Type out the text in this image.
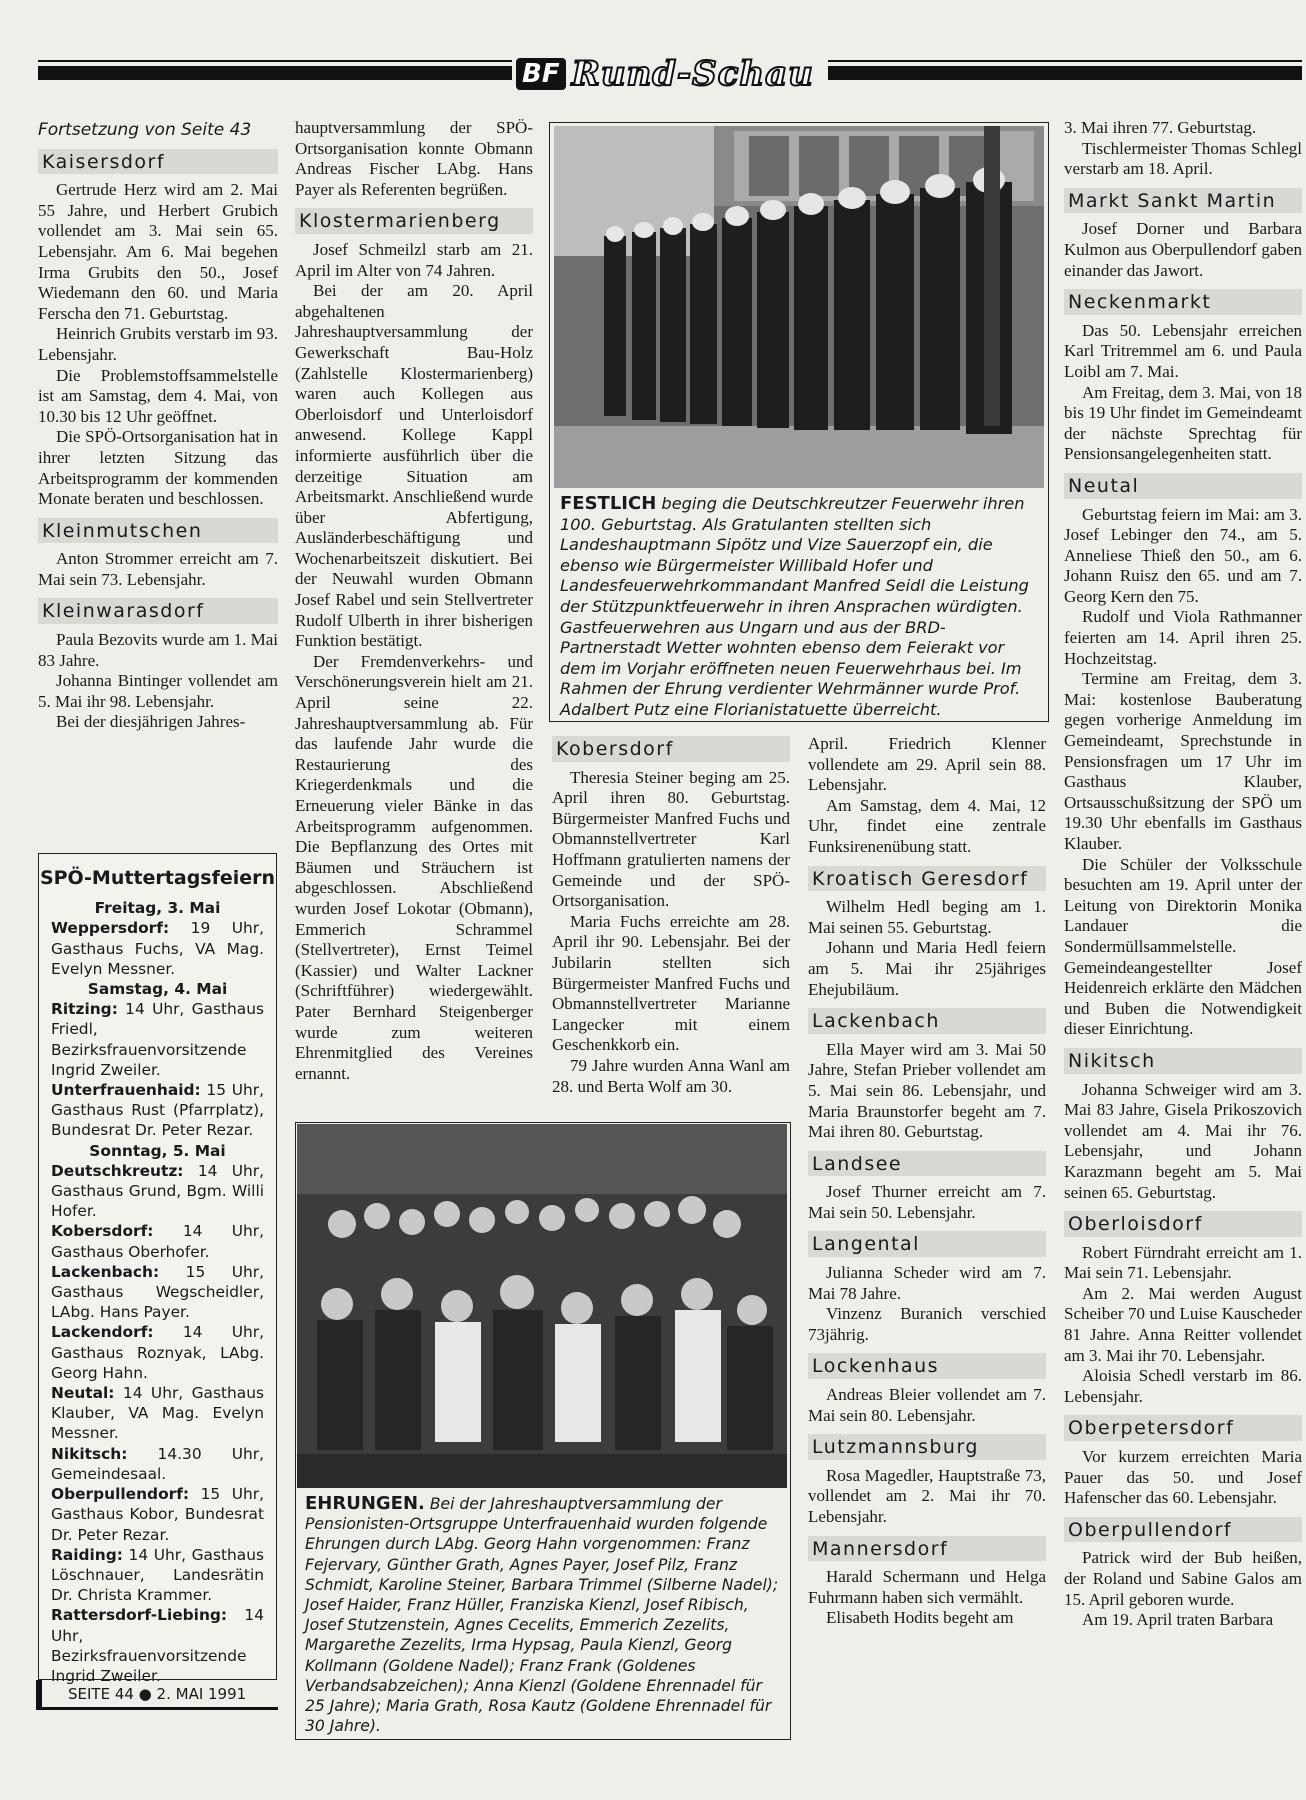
BF Rund-Schau
Fortsetzung von Seite 43
Kaisersdorf

Gertrude Herz wird am 2. Mai 55 Jahre, und Herbert Grubich vollendet am 3. Mai sein 65. Lebensjahr. Am 6. Mai begehen Irma Grubits den 50., Josef Wiedemann den 60. und Maria Ferscha den 71. Geburtstag.

Heinrich Grubits verstarb im 93. Lebensjahr.

Die Problemstoffsammelstelle ist am Samstag, dem 4. Mai, von 10.30 bis 12 Uhr geöffnet.

Die SPÖ-Ortsorganisation hat in ihrer letzten Sitzung das Arbeitsprogramm der kommenden Monate beraten und beschlossen.

Kleinmutschen

Anton Strommer erreicht am 7. Mai sein 73. Lebensjahr.

Kleinwarasdorf

Paula Bezovits wurde am 1. Mai 83 Jahre.

Johanna Bintinger vollendet am 5. Mai ihr 98. Lebensjahr.

Bei der diesjährigen Jahres-

SPÖ-Muttertagsfeiern
Freitag, 3. Mai
Weppersdorf: 19 Uhr, Gasthaus Fuchs, VA Mag. Evelyn Messner.
Samstag, 4. Mai
Ritzing: 14 Uhr, Gasthaus Friedl, Bezirksfrauenvorsitzende Ingrid Zweiler.
Unterfrauenhaid: 15 Uhr, Gasthaus Rust (Pfarrplatz), Bundesrat Dr. Peter Rezar.
Sonntag, 5. Mai
Deutschkreutz: 14 Uhr, Gasthaus Grund, Bgm. Willi Hofer.
Kobersdorf: 14 Uhr, Gasthaus Oberhofer.
Lackenbach: 15 Uhr, Gasthaus Wegscheidler, LAbg. Hans Payer.
Lackendorf: 14 Uhr, Gasthaus Roznyak, LAbg. Georg Hahn.
Neutal: 14 Uhr, Gasthaus Klauber, VA Mag. Evelyn Messner.
Nikitsch: 14.30 Uhr, Gemeindesaal.
Oberpullendorf: 15 Uhr, Gasthaus Kobor, Bundesrat Dr. Peter Rezar.
Raiding: 14 Uhr, Gasthaus Löschnauer, Landesrätin Dr. Christa Krammer.
Rattersdorf-Liebing: 14 Uhr, Bezirksfrauenvorsitzende Ingrid Zweiler.
SEITE 44 ● 2. MAI 1991

hauptversammlung der SPÖ-Ortsorganisation konnte Obmann Andreas Fischer LAbg. Hans Payer als Referenten begrüßen.

Klostermarienberg

Josef Schmeilzl starb am 21. April im Alter von 74 Jahren.

Bei der am 20. April abgehaltenen Jahreshauptversammlung der Gewerkschaft Bau-Holz (Zahlstelle Klostermarienberg) waren auch Kollegen aus Oberloisdorf und Unterloisdorf anwesend. Kollege Kappl informierte ausführlich über die derzeitige Situation am Arbeitsmarkt. Anschließend wurde über Abfertigung, Ausländerbeschäftigung und Wochenarbeitszeit diskutiert. Bei der Neuwahl wurden Obmann Josef Rabel und sein Stellvertreter Rudolf Ulberth in ihrer bisherigen Funktion bestätigt.

Der Fremdenverkehrs- und Verschönerungsverein hielt am 21. April seine 22. Jahreshauptversammlung ab. Für das laufende Jahr wurde die Restaurierung des Kriegerdenkmals und die Erneuerung vieler Bänke in das Arbeitsprogramm aufgenommen. Die Bepflanzung des Ortes mit Bäumen und Sträuchern ist abgeschlossen. Abschließend wurden Josef Lokotar (Obmann), Emmerich Schrammel (Stellvertreter), Ernst Teimel (Kassier) und Walter Lackner (Schriftführer) wiedergewählt. Pater Bernhard Steigenberger wurde zum weiteren Ehrenmitglied des Vereines ernannt.

FESTLICH beging die Deutschkreutzer Feuerwehr ihren 100. Geburtstag. Als Gratulanten stellten sich Landeshauptmann Sipötz und Vize Sauerzopf ein, die ebenso wie Bürgermeister Willibald Hofer und Landesfeuerwehrkommandant Manfred Seidl die Leistung der Stützpunktfeuerwehr in ihren Ansprachen würdigten. Gastfeuerwehren aus Ungarn und aus der BRD-Partnerstadt Wetter wohnten ebenso dem Feierakt vor dem im Vorjahr eröffneten neuen Feuerwehrhaus bei. Im Rahmen der Ehrung verdienter Wehrmänner wurde Prof. Adalbert Putz eine Florianistatuette überreicht.
Kobersdorf

Theresia Steiner beging am 25. April ihren 80. Geburtstag. Bürgermeister Manfred Fuchs und Obmannstellvertreter Karl Hoffmann gratulierten namens der Gemeinde und der SPÖ-Ortsorganisation.

Maria Fuchs erreichte am 28. April ihr 90. Lebensjahr. Bei der Jubilarin stellten sich Bürgermeister Manfred Fuchs und Obmannstellvertreter Marianne Langecker mit einem Geschenkkorb ein.

79 Jahre wurden Anna Wanl am 28. und Berta Wolf am 30.

April. Friedrich Klenner vollendete am 29. April sein 88. Lebensjahr.

Am Samstag, dem 4. Mai, 12 Uhr, findet eine zentrale Funksirenenübung statt.

Kroatisch Geresdorf

Wilhelm Hedl beging am 1. Mai seinen 55. Geburtstag.

Johann und Maria Hedl feiern am 5. Mai ihr 25jähriges Ehejubiläum.

Lackenbach

Ella Mayer wird am 3. Mai 50 Jahre, Stefan Prieber vollendet am 5. Mai sein 86. Lebensjahr, und Maria Braunstorfer begeht am 7. Mai ihren 80. Geburtstag.

Landsee

Josef Thurner erreicht am 7. Mai sein 50. Lebensjahr.

Langental

Julianna Scheder wird am 7. Mai 78 Jahre.

Vinzenz Buranich verschied 73jährig.

Lockenhaus

Andreas Bleier vollendet am 7. Mai sein 80. Lebensjahr.

Lutzmannsburg

Rosa Magedler, Hauptstraße 73, vollendet am 2. Mai ihr 70. Lebensjahr.

Mannersdorf

Harald Schermann und Helga Fuhrmann haben sich vermählt.

Elisabeth Hodits begeht am

EHRUNGEN. Bei der Jahreshauptversammlung der Pensionisten-Ortsgruppe Unterfrauenhaid wurden folgende Ehrungen durch LAbg. Georg Hahn vorgenommen: Franz Fejervary, Günther Grath, Agnes Payer, Josef Pilz, Franz Schmidt, Karoline Steiner, Barbara Trimmel (Silberne Nadel); Josef Haider, Franz Hüller, Franziska Kienzl, Josef Ribisch, Josef Stutzenstein, Agnes Cecelits, Emmerich Zezelits, Margarethe Zezelits, Irma Hypsag, Paula Kienzl, Georg Kollmann (Goldene Nadel); Franz Frank (Goldenes Verbandsabzeichen); Anna Kienzl (Goldene Ehrennadel für 25 Jahre); Maria Grath, Rosa Kautz (Goldene Ehrennadel für 30 Jahre).

3. Mai ihren 77. Geburtstag.

Tischlermeister Thomas Schlegl verstarb am 18. April.

Markt Sankt Martin

Josef Dorner und Barbara Kulmon aus Oberpullendorf gaben einander das Jawort.

Neckenmarkt

Das 50. Lebensjahr erreichen Karl Tritremmel am 6. und Paula Loibl am 7. Mai.

Am Freitag, dem 3. Mai, von 18 bis 19 Uhr findet im Gemeindeamt der nächste Sprechtag für Pensionsangelegenheiten statt.

Neutal

Geburtstag feiern im Mai: am 3. Josef Lebinger den 74., am 5. Anneliese Thieß den 50., am 6. Johann Ruisz den 65. und am 7. Georg Kern den 75.

Rudolf und Viola Rathmanner feierten am 14. April ihren 25. Hochzeitstag.

Termine am Freitag, dem 3. Mai: kostenlose Bauberatung gegen vorherige Anmeldung im Gemeindeamt, Sprechstunde in Pensionsfragen um 17 Uhr im Gasthaus Klauber, Ortsausschußsitzung der SPÖ um 19.30 Uhr ebenfalls im Gasthaus Klauber.

Die Schüler der Volksschule besuchten am 19. April unter der Leitung von Direktorin Monika Landauer die Sondermüllsammelstelle. Gemeindeangestellter Josef Heidenreich erklärte den Mädchen und Buben die Notwendigkeit dieser Einrichtung.

Nikitsch

Johanna Schweiger wird am 3. Mai 83 Jahre, Gisela Prikoszovich vollendet am 4. Mai ihr 76. Lebensjahr, und Johann Karazmann begeht am 5. Mai seinen 65. Geburtstag.

Oberloisdorf

Robert Fürndraht erreicht am 1. Mai sein 71. Lebensjahr.

Am 2. Mai werden August Scheiber 70 und Luise Kauscheder 81 Jahre. Anna Reitter vollendet am 3. Mai ihr 70. Lebensjahr.

Aloisia Schedl verstarb im 86. Lebensjahr.

Oberpetersdorf

Vor kurzem erreichten Maria Pauer das 50. und Josef Hafenscher das 60. Lebensjahr.

Oberpullendorf

Patrick wird der Bub heißen, der Roland und Sabine Galos am 15. April geboren wurde.

Am 19. April traten Barbara
